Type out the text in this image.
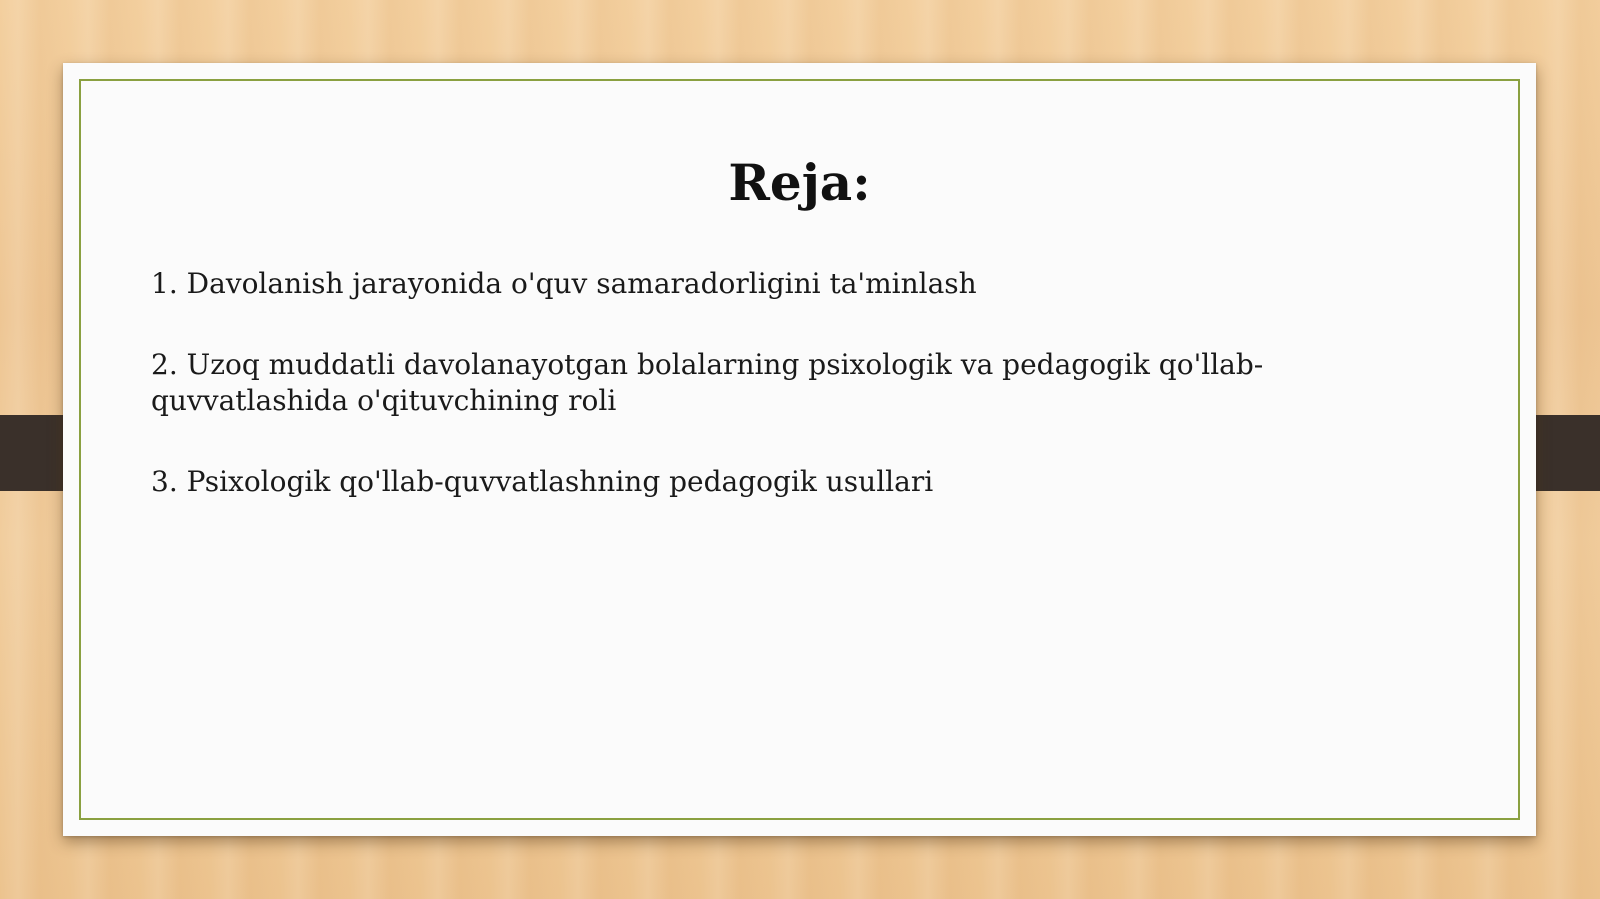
Reja:
1. Davolanish jarayonida o'quv samaradorligini ta'minlash
2. Uzoq muddatli davolanayotgan bolalarning psixologik va pedagogik qo'llab-quvvatlashida o'qituvchining roli
3. Psixologik qo'llab-quvvatlashning pedagogik usullari
